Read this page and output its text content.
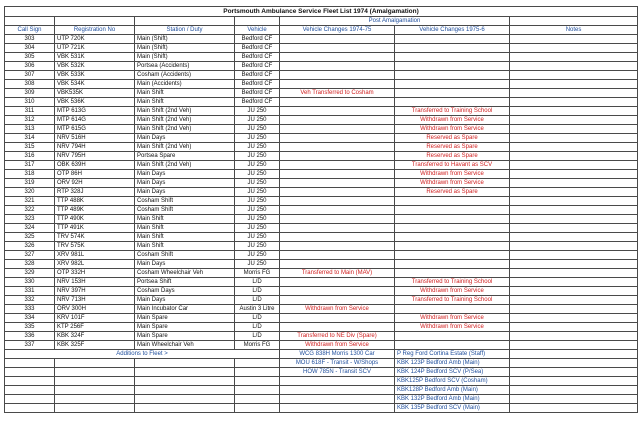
Portsmouth Ambulance Service Fleet List 1974 (Amalgamation)						
				Post Amalgamation		
Call Sign	Registration No	Station / Duty	Vehicle	Vehicle Changes 1974-75	Vehicle Changes 1975-6	Notes
303	UTP 720K	Main (Shift)	Bedford CF			
304	UTP 721K	Main (Shift)	Bedford CF			
305	VBK 531K	Main (Shift)	Bedford CF			
306	VBK 532K	Portsea (Accidents)	Bedford CF			
307	VBK 533K	Cosham (Accidents)	Bedford CF			
308	VBK 534K	Main (Accidents)	Bedford CF			
309	VBK535K	Main Shift	Bedford CF	Veh Transferred to Cosham		
310	VBK 536K	Main Shift	Bedford CF			
311	MTP 613G	Main Shift (2nd Veh)	JU 250		Transferred to Training School	
312	MTP 614G	Main Shift (2nd Veh)	JU 250		Withdrawn from Service	
313	MTP 615G	Main Shift (2nd Veh)	JU 250		Withdrawn from Service	
314	NRV 516H	Main Days	JU 250		Reserved as Spare	
315	NRV 794H	Main Shift (2nd Veh)	JU 250		Reserved as Spare	
316	NRV 795H	Portsea Spare	JU 250		Reserved as Spare	
317	OBK 639H	Main Shift (2nd Veh)	JU 250		Transferred to Havant as SCV	
318	OTP 86H	Main Days	JU 250		Withdrawn from Service	
319	ORV 92H	Main Days	JU 250		Withdrawn from Service	
320	RTP 328J	Main Days	JU 250		Reserved as Spare	
321	TTP 488K	Cosham Shift	JU 250			
322	TTP 489K	Cosham Shift	JU 250			
323	TTP 490K	Main Shift	JU 250			
324	TTP 491K	Main Shift	JU 250			
325	TRV 574K	Main Shift	JU 250			
326	TRV 575K	Main Shift	JU 250			
327	XRV 981L	Cosham Shift	JU 250			
328	XRV 982L	Main Days	JU 250			
329	OTP 332H	Cosham Wheelchair Veh	Morris FG	Transferred to Main (MAV)		
330	NRV 153H	Portsea Shift	L/D		Transferred to Training School	
331	NRV 397H	Cosham Days	L/D		Withdrawn from Service	
332	NRV 713H	Main Days	L/D		Transferred to Training School	
333	ORV 300H	Main Incubator Car	Austin 3 Litre	Withdrawn from Service		
334	KRV 101F	Main Spare	L/D		Withdrawn from Service	
335	KTP 256F	Main Spare	L/D		Withdrawn from Service	
336	KBK 324F	Main Spare	L/D	Transferred to NE Div (Spare)		
337	KBK 325F	Main Wheelchair Veh	Morris FG	Withdrawn from Service		
Additions to Fleet >				WCG 838H Morris 1300 Car	P Reg Ford Cortina Estate (Staff)	
				MOU 618F - Transit - W/Shops	KBK 123P Bedford Amb (Main)	
				HOW 785N - Transit SCV	KBK 124P Bedford SCV (P/Sea)	
					KBK125P Bedford SCV (Cosham)	
					KBK128P Bedford Amb (Main)	
					KBK 132P Bedford Amb (Main)	
					KBK 135P Bedford SCV (Main)	
